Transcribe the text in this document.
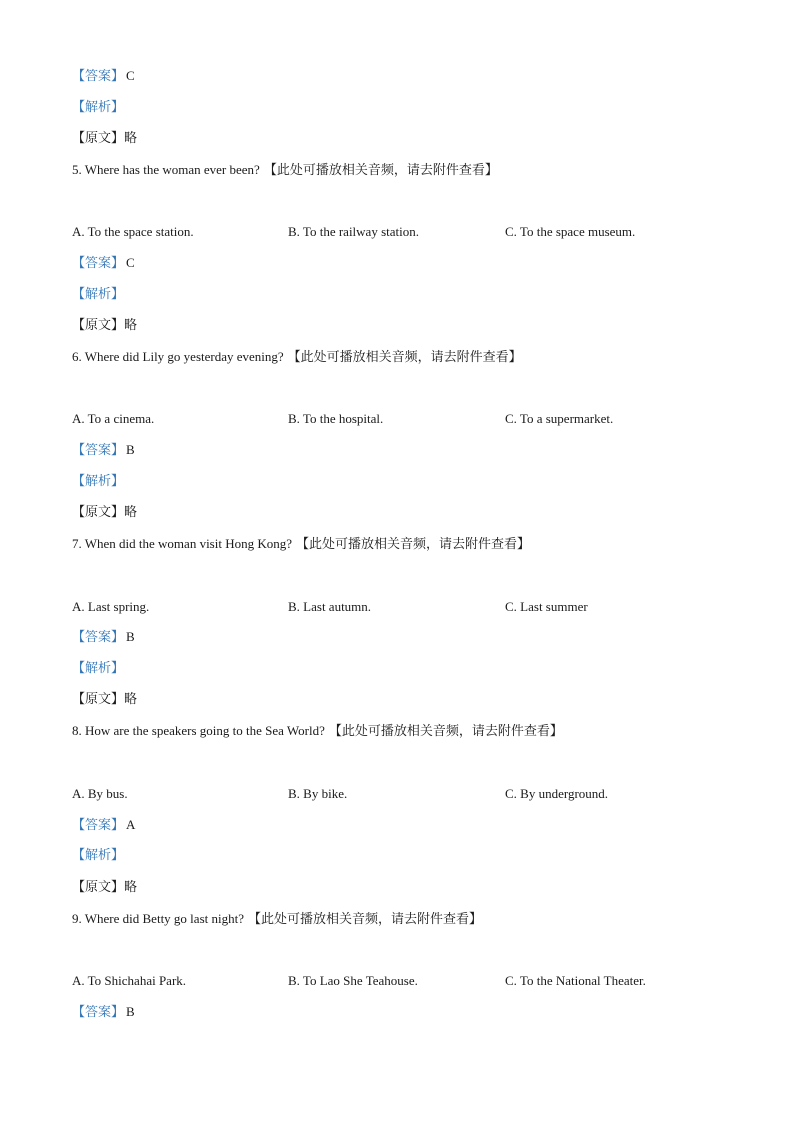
【答案】 C
【解析】
【原文】略
5. Where has the woman ever been? 【此处可播放相关音频，请去附件查看】
A. To the space station.	B. To the railway station.	C. To the space museum.
【答案】 C
【解析】
【原文】略
6. Where did Lily go yesterday evening? 【此处可播放相关音频，请去附件查看】
A. To a cinema.	B. To the hospital.	C. To a supermarket.
【答案】 B
【解析】
【原文】略
7. When did the woman visit Hong Kong? 【此处可播放相关音频，请去附件查看】
A. Last spring.	B. Last autumn.	C. Last summer
【答案】 B
【解析】
【原文】略
8. How are the speakers going to the Sea World? 【此处可播放相关音频，请去附件查看】
A. By bus.	B. By bike.	C. By underground.
【答案】 A
【解析】
【原文】略
9. Where did Betty go last night? 【此处可播放相关音频，请去附件查看】
A. To Shichahai Park.	B. To Lao She Teahouse.	C. To the National Theater.
【答案】 B
